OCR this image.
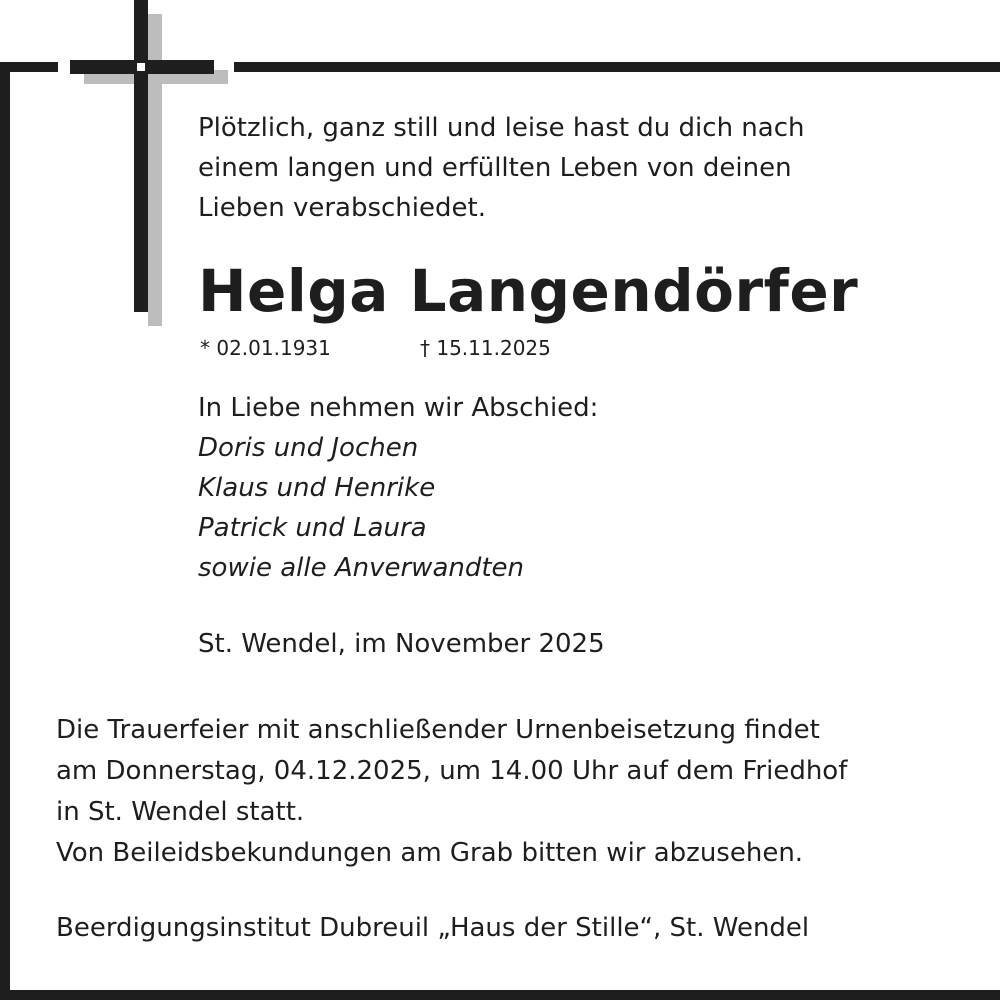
Plötzlich, ganz still und leise hast du dich nach
einem langen und erfüllten Leben von deinen
Lieben verabschiedet.
Helga Langendörfer
* 02.01.1931	† 15.11.2025
In Liebe nehmen wir Abschied:
Doris und Jochen
Klaus und Henrike
Patrick und Laura
sowie alle Anverwandten
St. Wendel, im November 2025
Die Trauerfeier mit anschließender Urnenbeisetzung findet
am Donnerstag, 04.12.2025, um 14.00 Uhr auf dem Friedhof
in St. Wendel statt.
Von Beileidsbekundungen am Grab bitten wir abzusehen.
Beerdigungsinstitut Dubreuil „Haus der Stille“, St. Wendel
